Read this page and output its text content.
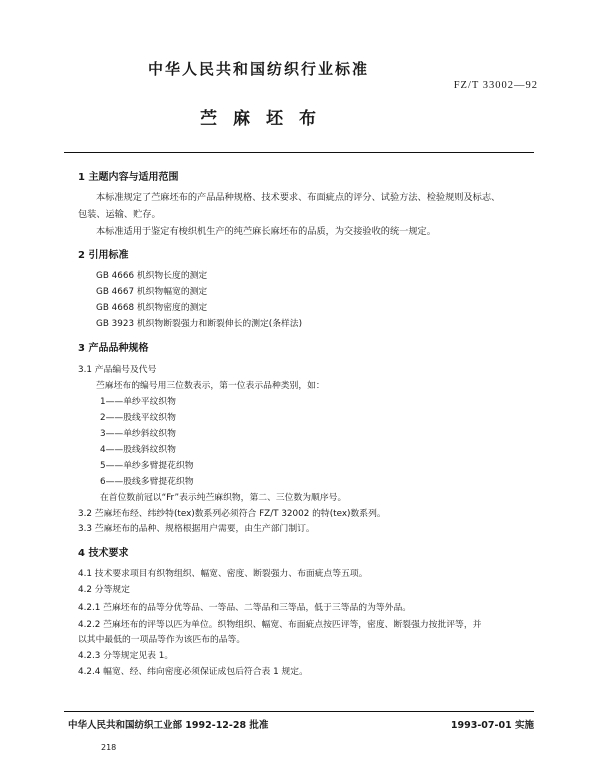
中华人民共和国纺织行业标准
FZ/T 33002—92
苎麻坯布
1 主题内容与适用范围
本标准规定了苎麻坯布的产品品种规格、技术要求、布面疵点的评分、试验方法、检验规则及标志、
包装、运输、贮存。
本标准适用于鉴定有梭织机生产的纯苎麻长麻坯布的品质，为交接验收的统一规定。
2 引用标准
GB 4666 机织物长度的测定
GB 4667 机织物幅宽的测定
GB 4668 机织物密度的测定
GB 3923 机织物断裂强力和断裂伸长的测定(条样法)
3 产品品种规格
3.1 产品编号及代号
苎麻坯布的编号用三位数表示，第一位表示品种类别，如：
1——单纱平纹织物
2——股线平纹织物
3——单纱斜纹织物
4——股线斜纹织物
5——单纱多臂提花织物
6——股线多臂提花织物
在首位数前冠以“Fr”表示纯苎麻织物，第二、三位数为顺序号。
3.2 苎麻坯布经、纬纱特(tex)数系列必须符合 FZ/T 32002 的特(tex)数系列。
3.3 苎麻坯布的品种、规格根据用户需要，由生产部门制订。
4 技术要求
4.1 技术要求项目有织物组织、幅宽、密度、断裂强力、布面疵点等五项。
4.2 分等规定
4.2.1 苎麻坯布的品等分优等品、一等品、二等品和三等品，低于三等品的为等外品。
4.2.2 苎麻坯布的评等以匹为单位。织物组织、幅宽、布面疵点按匹评等，密度、断裂强力按批评等，并
以其中最低的一项品等作为该匹布的品等。
4.2.3 分等规定见表 1。
4.2.4 幅宽、经、纬向密度必须保证成包后符合表 1 规定。
中华人民共和国纺织工业部 1992-12-28 批准	1993-07-01 实施
218
